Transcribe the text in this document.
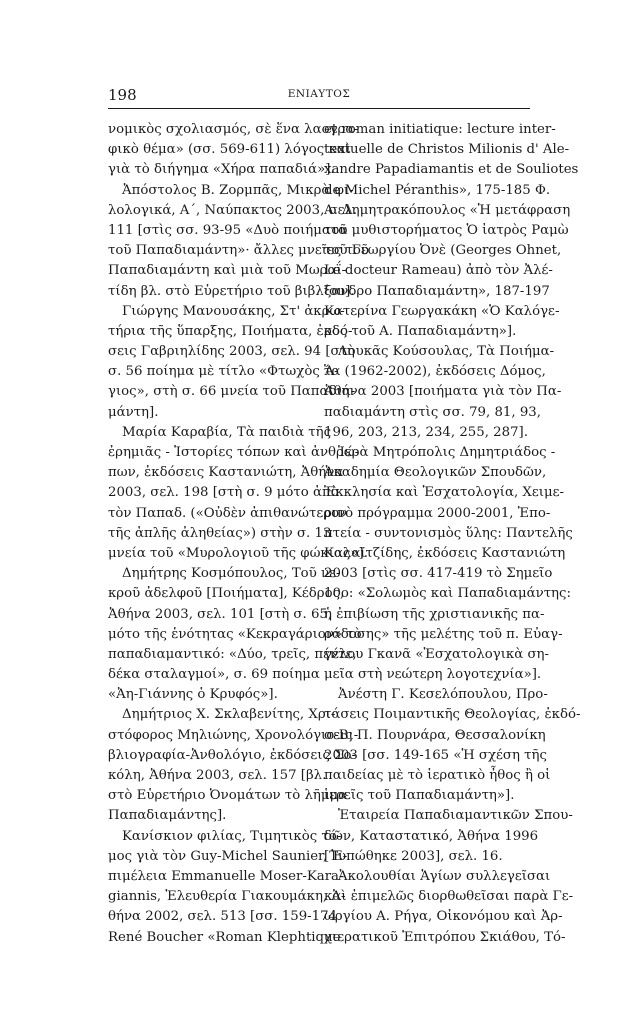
198	ΕΝΙΑΥΤΟΣ
νομικὸς σχολιασμός, σὲ ἕνα λαογρα-
φικὸ θέμα» (σσ. 569-611) λόγος καὶ
γιὰ τὸ διήγημα «Χήρα παπαδιά»].
Ἀπόστολος Β. Ζορμπᾶς, Μικρὰ φι-
λολογικά, Α΄, Ναύπακτος 2003, σελ.
111 [στὶς σσ. 93-95 «Δυὸ ποιήματα
τοῦ Παπαδιαμάντη»· ἄλλες μνεῖες τοῦ
Παπαδιαμάντη καὶ μιὰ τοῦ Μωραΐ-
τίδη βλ. στὸ Εὑρετήριο τοῦ βιβλίου].
Γιώργης Μανουσάκης, Στ' ἀκρω-
τήρια τῆς ὕπαρξης, Ποιήματα, ἐκδό-
σεις Γαβριηλίδης 2003, σελ. 94 [στὴ
σ. 56 ποίημα μὲ τίτλο «Φτωχὸς Ἅ-
γιος», στὴ σ. 66 μνεία τοῦ Παπαδια-
μάντη].
Μαρία Καραβία, Τὰ παιδιὰ τῆς
ἐρημιᾶς - Ἱστορίες τόπων καὶ ἀνθρώ-
πων, ἐκδόσεις Καστανιώτη, Ἀθήνα
2003, σελ. 198 [στὴ σ. 9 μότο ἀπὸ
τὸν Παπαδ. («Οὐδὲν ἀπιθανώτερον
τῆς ἁπλῆς ἀληθείας») στὴν σ. 13
μνεία τοῦ «Μυρολογιοῦ τῆς φώκιας»].
Δημήτρης Κοσμόπουλος, Τοῦ νε-
κροῦ ἀδελφοῦ [Ποιήματα], Κέδρος,
Ἀθήνα 2003, σελ. 101 [στὴ σ. 65,
μότο τῆς ἑνότητας «Κεκραγάριον» τὸ
παπαδιαμαντικό: «Δύο, τρεῖς, πέντε,
δέκα σταλαγμοί», σ. 69 ποίημα
«Ἀη-Γιάννης ὁ Κρυφός»].
Δημήτριος Χ. Σκλαβενίτης, Χρι-
στόφορος Μηλιώνης, Χρονολόγιο-Βι-
βλιογραφία-Ἀνθολόγιο, ἐκδόσεις Σο-
κόλη, Ἀθήνα 2003, σελ. 157 [βλ.
στὸ Εὑρετήριο Ὀνομάτων τὸ λῆμμα
Παπαδιαμάντης].
Κανίσκιον φιλίας, Τιμητικὸς τό-
μος γιὰ τὸν Guy-Michel Saunier, Ἐ-
πιμέλεια Emmanuelle Moser-Kara-
giannis, Ἐλευθερία Γιακουμάκη, Ἀ-
θήνα 2002, σελ. 513 [σσ. 159-174
René Boucher «Roman Klephtique
et roman initiatique: lecture inter-
textuelle de Christos Milionis d' Ale-
xandre Papadiamantis et de Souliotes
de Michel Péranthis», 175-185 Φ.
Α. Δημητρακόπουλος «Ἡ μετάφραση
τοῦ μυθιστορήματος Ὁ ἰατρὸς Ραμὼ
τοῦ Γεωργίου Ὀνὲ (Georges Ohnet,
Le docteur Rameau) ἀπὸ τὸν Ἀλέ-
ξανδρο Παπαδιαμάντη», 187-197
Κατερίνα Γεωργακάκη «Ὁ Καλόγε-
ρος τοῦ Α. Παπαδιαμάντη»].
Λουκᾶς Κούσουλας, Τὰ Ποιήμα-
τα (1962-2002), ἐκδόσεις Δόμος,
Ἀθήνα 2003 [ποιήματα γιὰ τὸν Πα-
παδιαμάντη στὶς σσ. 79, 81, 93,
196, 203, 213, 234, 255, 287].
Ἱερὰ Μητρόπολις Δημητριάδος -
Ἀκαδημία Θεολογικῶν Σπουδῶν,
Ἐκκλησία καὶ Ἐσχατολογία, Χειμε-
ρινὸ πρόγραμμα 2000-2001, Ἐπο-
πτεία - συντονισμὸς ὕλης: Παντελῆς
Καλαϊτζίδης, ἐκδόσεις Καστανιώτη
2003 [στὶς σσ. 417-419 τὸ Σημεῖο
10ο: «Σολωμὸς καὶ Παπαδιαμάντης:
ἡ ἐπιβίωση τῆς χριστιανικῆς πα-
ράδοσης» τῆς μελέτης τοῦ π. Εὐαγ-
γέλου Γκανᾶ «Ἐσχατολογικὰ ση-
μεῖα στὴ νεώτερη λογοτεχνία»].
Ἀνέστη Γ. Κεσελόπουλου, Προ-
τάσεις Ποιμαντικῆς Θεολογίας, ἐκδό-
σεις Π. Πουρνάρα, Θεσσαλονίκη
2003 [σσ. 149-165 «Ἡ σχέση τῆς
παιδείας μὲ τὸ ἱερατικὸ ἦθος ἢ οἱ
ἱερεῖς τοῦ Παπαδιαμάντη»].
Ἑταιρεία Παπαδιαμαντικῶν Σπου-
δῶν, Καταστατικό, Ἀθήνα 1996
[Τυπώθηκε 2003], σελ. 16.
Ἀκολουθίαι Ἁγίων συλλεγεῖσαι
καὶ ἐπιμελῶς διορθωθεῖσαι παρὰ Γε-
ωργίου Α. Ρήγα, Οἰκονόμου καὶ Ἀρ-
χιερατικοῦ Ἐπιτρόπου Σκιάθου, Τό-
